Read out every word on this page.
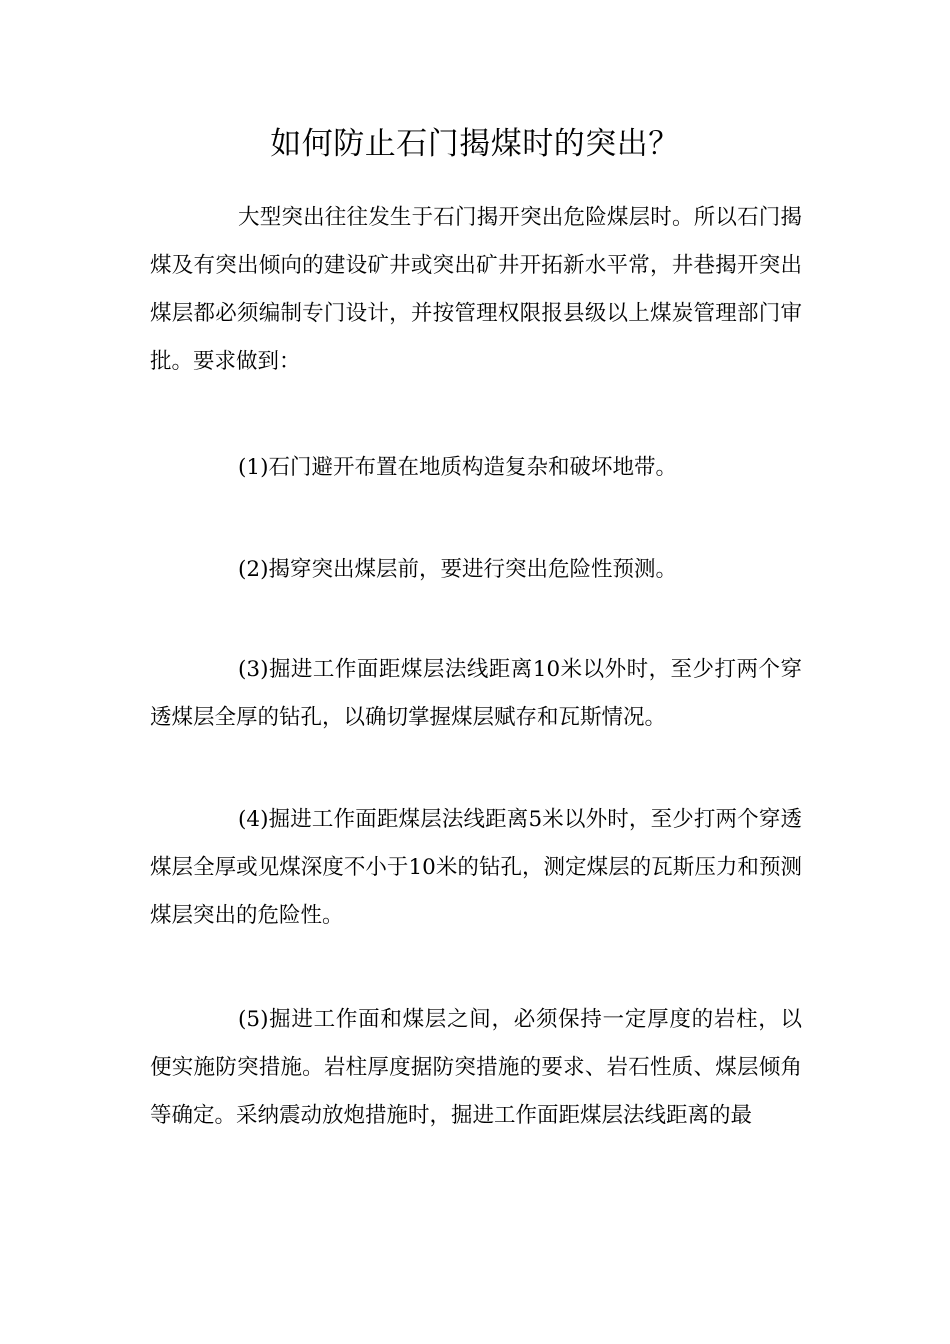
如何防止石门揭煤时的突出？

大型突出往往发生于石门揭开突出危险煤层时。所以石门揭煤及有突出倾向的建设矿井或突出矿井开拓新水平常，井巷揭开突出煤层都必须编制专门设计，并按管理权限报县级以上煤炭管理部门审批。要求做到：

(1)石门避开布置在地质构造复杂和破坏地带。

(2)揭穿突出煤层前，要进行突出危险性预测。

(3)掘进工作面距煤层法线距离10米以外时，至少打两个穿透煤层全厚的钻孔，以确切掌握煤层赋存和瓦斯情况。

(4)掘进工作面距煤层法线距离5米以外时，至少打两个穿透煤层全厚或见煤深度不小于10米的钻孔，测定煤层的瓦斯压力和预测煤层突出的危险性。

(5)掘进工作面和煤层之间，必须保持一定厚度的岩柱，以便实施防突措施。岩柱厚度据防突措施的要求、岩石性质、煤层倾角等确定。采纳震动放炮措施时，掘进工作面距煤层法线距离的最
